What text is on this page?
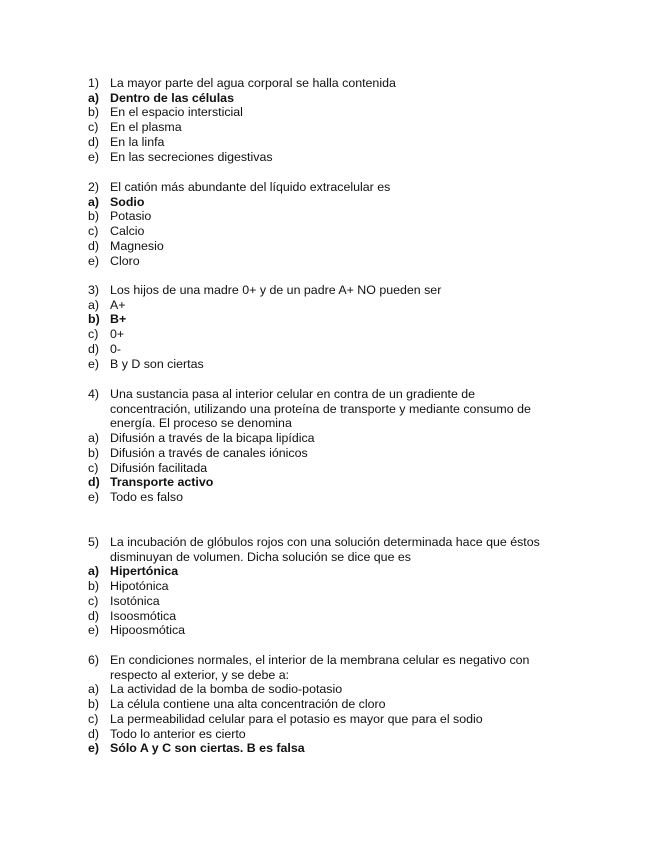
1) La mayor parte del agua corporal se halla contenida
a) Dentro de las células
b) En el espacio intersticial
c) En el plasma
d) En la linfa
e) En las secreciones digestivas
2) El catión más abundante del líquido extracelular es
a) Sodio
b) Potasio
c) Calcio
d) Magnesio
e) Cloro
3) Los hijos de una madre 0+ y de un padre A+ NO pueden ser
a) A+
b) B+
c) 0+
d) 0-
e) B y D son ciertas
4) Una sustancia pasa al interior celular en contra de un gradiente de concentración, utilizando una proteína de transporte y mediante consumo de energía. El proceso se denomina
a) Difusión a través de la bicapa lipídica
b) Difusión a través de canales iónicos
c) Difusión facilitada
d) Transporte activo
e) Todo es falso
5) La incubación de glóbulos rojos con una solución determinada hace que éstos disminuyan de volumen. Dicha solución se dice que es
a) Hipertónica
b) Hipotónica
c) Isotónica
d) Isoosmótica
e) Hipoosmótica
6) En condiciones normales, el interior de la membrana celular es negativo con respecto al exterior, y se debe a:
a) La actividad de la bomba de sodio-potasio
b) La célula contiene una alta concentración de cloro
c) La permeabilidad celular para el potasio es mayor que para el sodio
d) Todo lo anterior es cierto
e) Sólo A y C son ciertas. B es falsa
